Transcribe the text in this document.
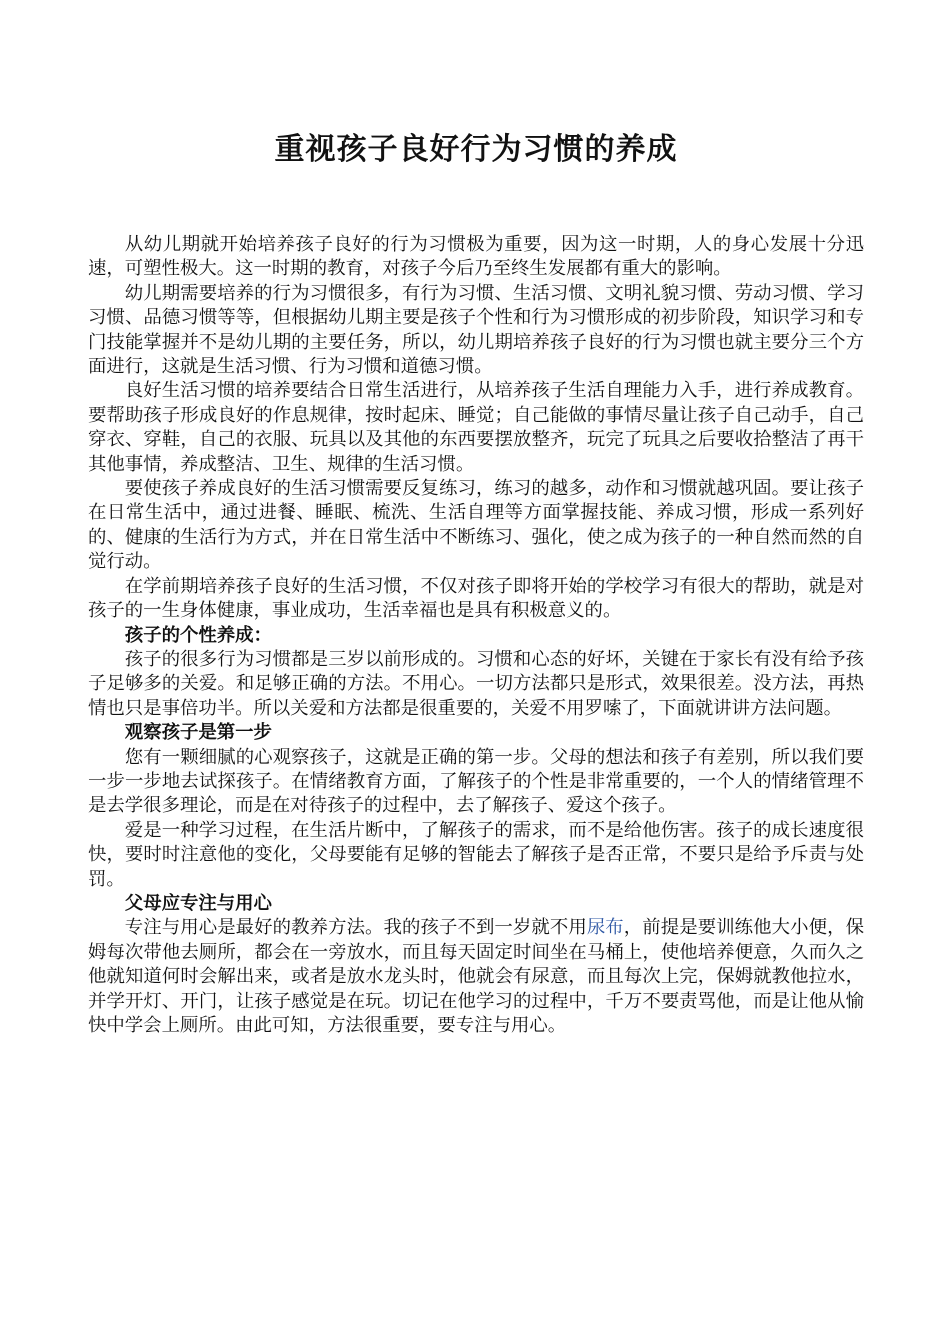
重视孩子良好行为习惯的养成

从幼儿期就开始培养孩子良好的行为习惯极为重要，因为这一时期，人的身心发展十分迅速，可塑性极大。这一时期的教育，对孩子今后乃至终生发展都有重大的影响。

幼儿期需要培养的行为习惯很多，有行为习惯、生活习惯、文明礼貌习惯、劳动习惯、学习习惯、品德习惯等等，但根据幼儿期主要是孩子个性和行为习惯形成的初步阶段，知识学习和专门技能掌握并不是幼儿期的主要任务，所以，幼儿期培养孩子良好的行为习惯也就主要分三个方面进行，这就是生活习惯、行为习惯和道德习惯。

良好生活习惯的培养要结合日常生活进行，从培养孩子生活自理能力入手，进行养成教育。要帮助孩子形成良好的作息规律，按时起床、睡觉；自己能做的事情尽量让孩子自己动手，自己穿衣、穿鞋，自己的衣服、玩具以及其他的东西要摆放整齐，玩完了玩具之后要收拾整洁了再干其他事情，养成整洁、卫生、规律的生活习惯。

要使孩子养成良好的生活习惯需要反复练习，练习的越多，动作和习惯就越巩固。要让孩子在日常生活中，通过进餐、睡眠、梳洗、生活自理等方面掌握技能、养成习惯，形成一系列好的、健康的生活行为方式，并在日常生活中不断练习、强化，使之成为孩子的一种自然而然的自觉行动。

在学前期培养孩子良好的生活习惯，不仅对孩子即将开始的学校学习有很大的帮助，就是对孩子的一生身体健康，事业成功，生活幸福也是具有积极意义的。

孩子的个性养成：

孩子的很多行为习惯都是三岁以前形成的。习惯和心态的好坏，关键在于家长有没有给予孩子足够多的关爱。和足够正确的方法。不用心。一切方法都只是形式，效果很差。没方法，再热情也只是事倍功半。所以关爱和方法都是很重要的，关爱不用罗嗦了，下面就讲讲方法问题。

观察孩子是第一步

您有一颗细腻的心观察孩子，这就是正确的第一步。父母的想法和孩子有差别，所以我们要一步一步地去试探孩子。在情绪教育方面，了解孩子的个性是非常重要的，一个人的情绪管理不是去学很多理论，而是在对待孩子的过程中，去了解孩子、爱这个孩子。

爱是一种学习过程，在生活片断中，了解孩子的需求，而不是给他伤害。孩子的成长速度很快，要时时注意他的变化，父母要能有足够的智能去了解孩子是否正常，不要只是给予斥责与处罚。

父母应专注与用心

专注与用心是最好的教养方法。我的孩子不到一岁就不用尿布，前提是要训练他大小便，保姆每次带他去厕所，都会在一旁放水，而且每天固定时间坐在马桶上，使他培养便意，久而久之他就知道何时会解出来，或者是放水龙头时，他就会有尿意，而且每次上完，保姆就教他拉水，并学开灯、开门，让孩子感觉是在玩。切记在他学习的过程中，千万不要责骂他，而是让他从愉快中学会上厕所。由此可知，方法很重要，要专注与用心。
